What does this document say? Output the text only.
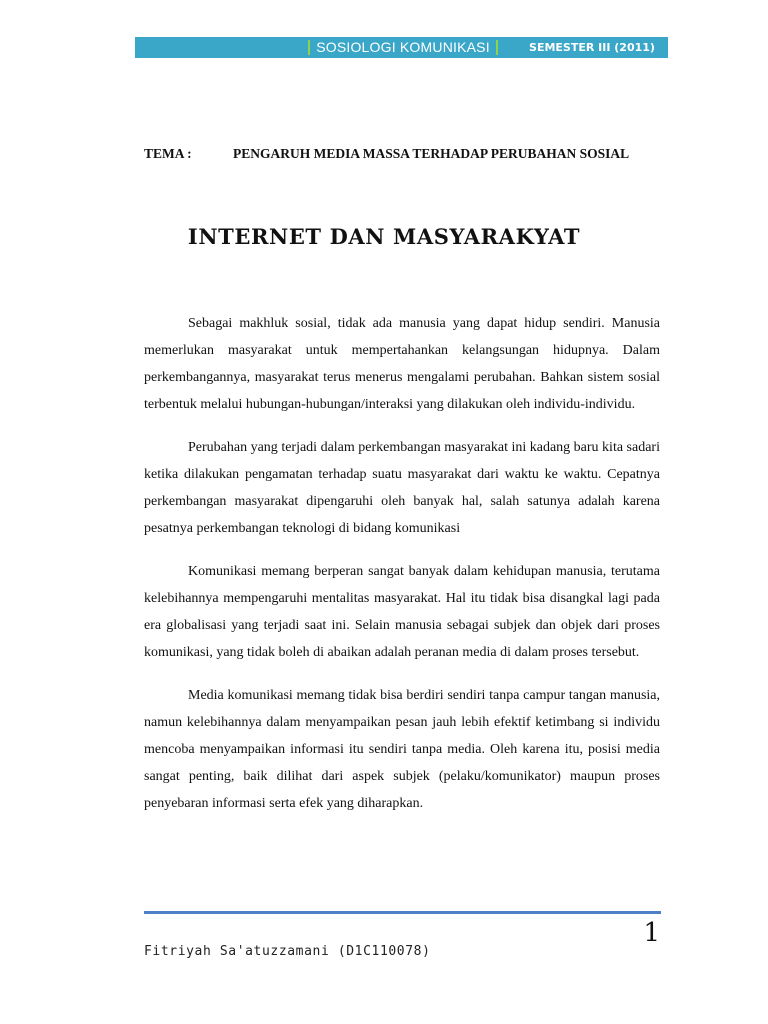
SOSIOLOGI KOMUNIKASI	SEMESTER III (2011)
TEMA :	PENGARUH MEDIA MASSA TERHADAP PERUBAHAN SOSIAL
INTERNET DAN MASYARAKYAT

Sebagai makhluk sosial, tidak ada manusia yang dapat hidup sendiri. Manusia memerlukan masyarakat untuk mempertahankan kelangsungan hidupnya. Dalam perkembangannya, masyarakat terus menerus mengalami perubahan. Bahkan sistem sosial terbentuk melalui hubungan-hubungan/interaksi yang dilakukan oleh individu-individu.

Perubahan yang terjadi dalam perkembangan masyarakat ini kadang baru kita sadari ketika dilakukan pengamatan terhadap suatu masyarakat dari waktu ke waktu. Cepatnya perkembangan masyarakat dipengaruhi oleh banyak hal, salah satunya adalah karena pesatnya perkembangan teknologi di bidang komunikasi

Komunikasi memang berperan sangat banyak dalam kehidupan manusia, terutama kelebihannya mempengaruhi mentalitas masyarakat. Hal itu tidak bisa disangkal lagi pada era globalisasi yang terjadi saat ini. Selain manusia sebagai subjek dan objek dari proses komunikasi, yang tidak boleh di abaikan adalah peranan media di dalam proses tersebut.

Media komunikasi memang tidak bisa berdiri sendiri tanpa campur tangan manusia, namun kelebihannya dalam menyampaikan pesan jauh lebih efektif ketimbang si individu mencoba menyampaikan informasi itu sendiri tanpa media. Oleh karena itu, posisi media sangat penting, baik dilihat dari aspek subjek (pelaku/komunikator) maupun proses penyebaran informasi serta efek yang diharapkan.

1
Fitriyah Sa'atuzzamani (D1C110078)
